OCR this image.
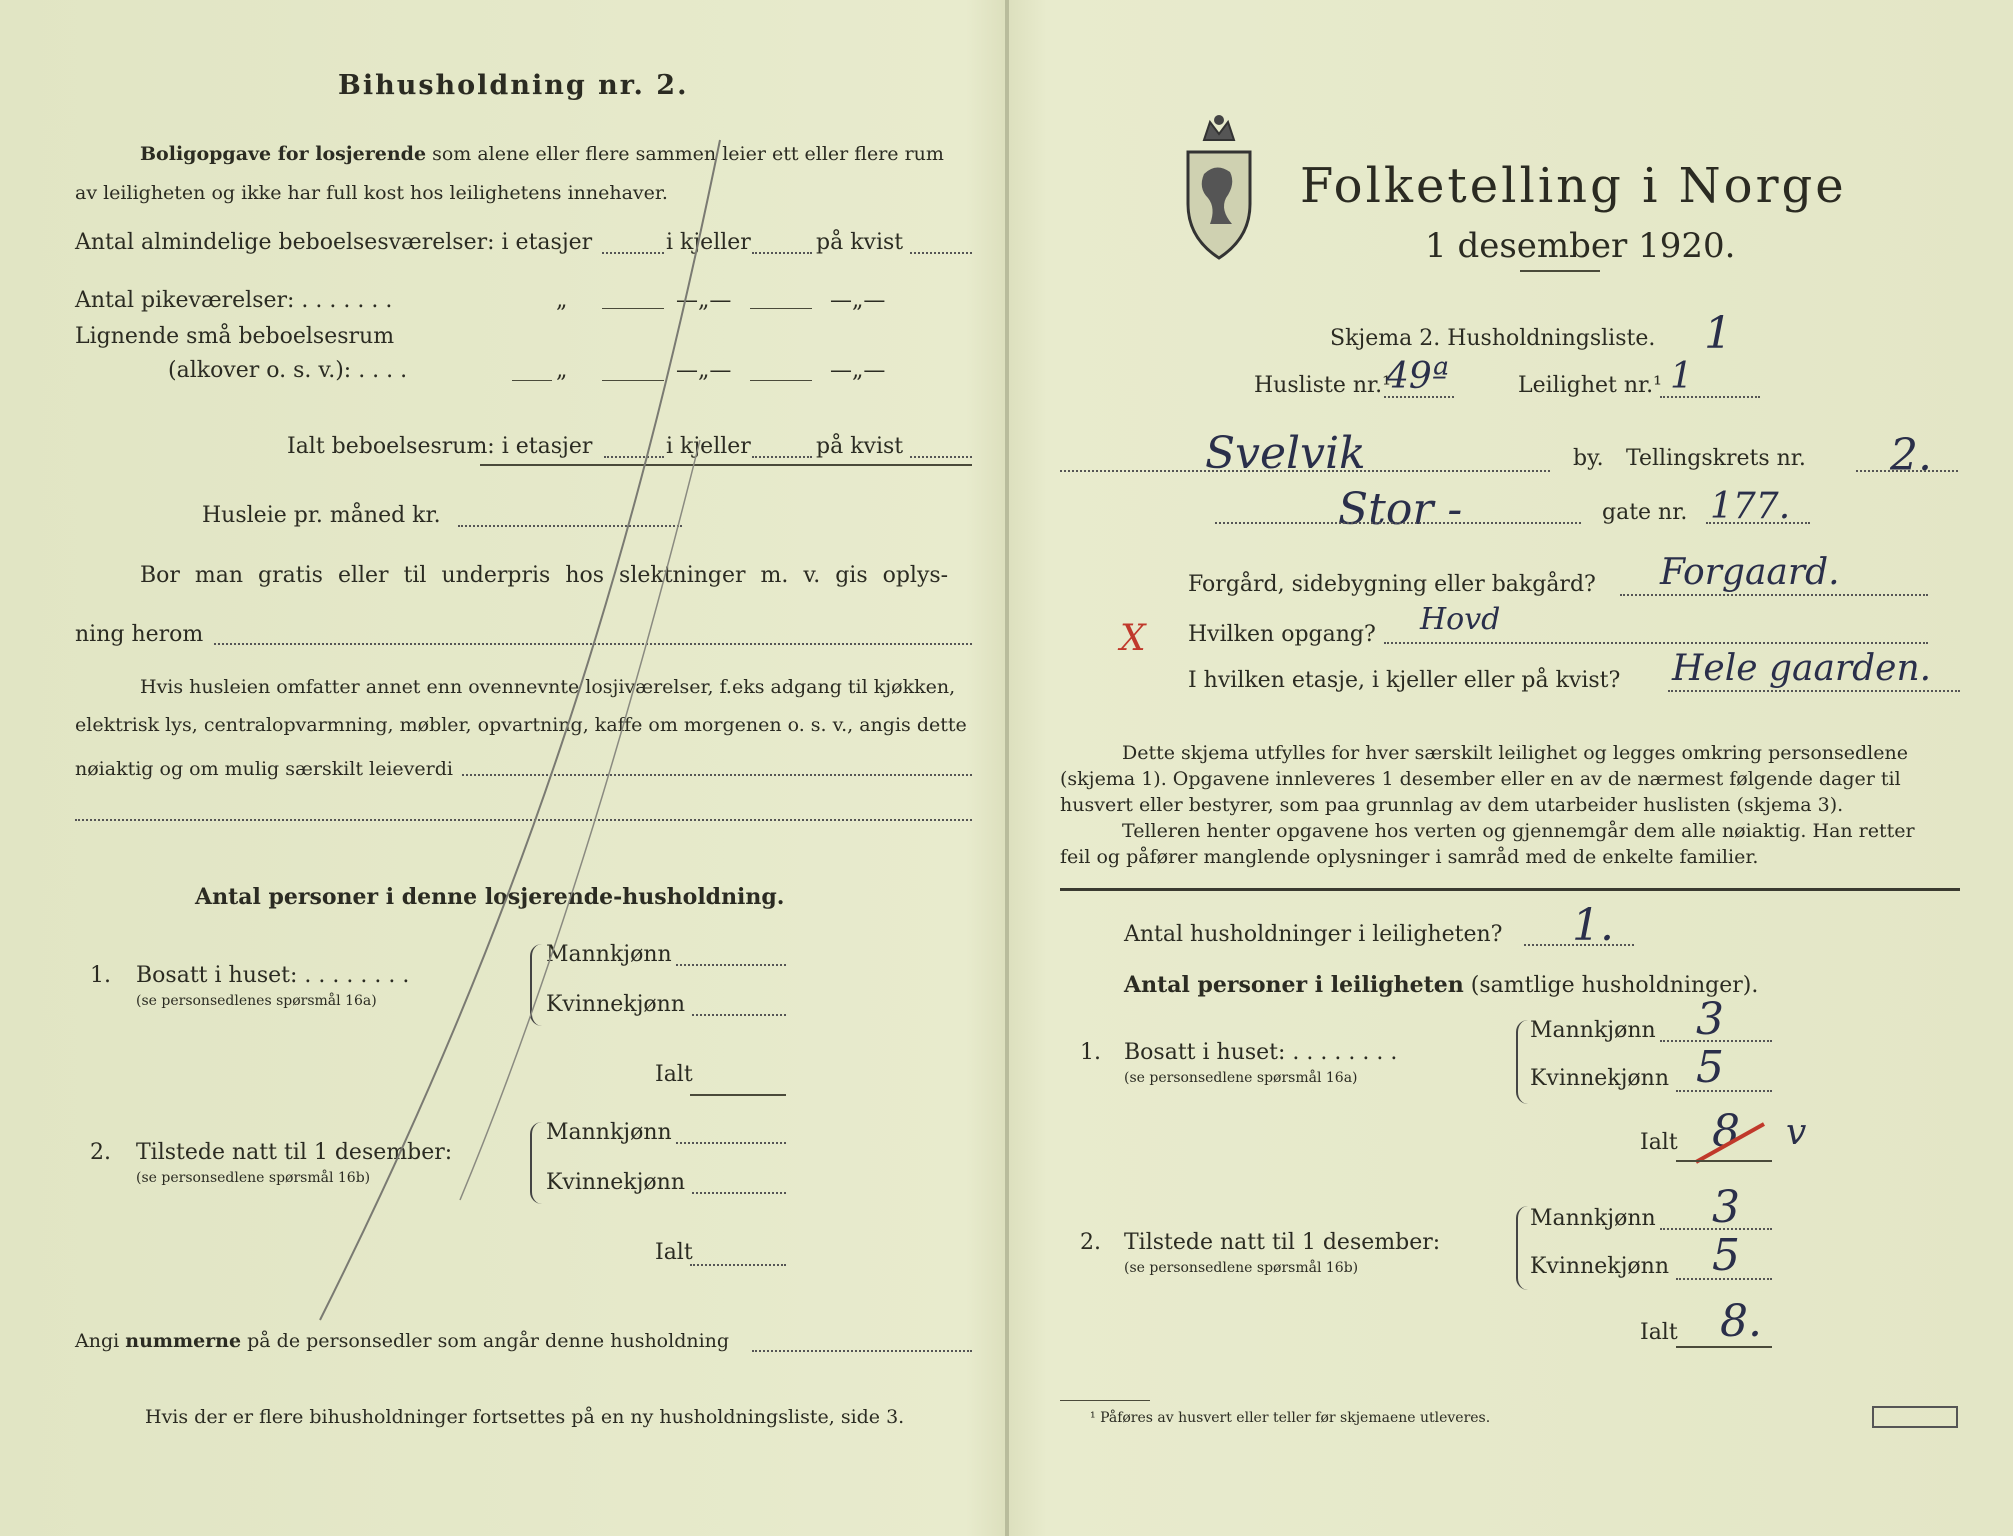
Bihusholdning nr. 2.
Boligopgave for losjerende som alene eller flere sammen leier ett eller flere rum
av leiligheten og ikke har full kost hos leilighetens innehaver.
Antal almindelige beboelsesværelser: i etasjer	i kjeller	på kvist
Antal pikeværelser: . . . . . . .	„	—„—	—„—
Lignende små beboelsesrum
(alkover o. s. v.): . . . .	„	—„—	—„—
Ialt beboelsesrum: i etasjer	i kjeller	på kvist
Husleie pr. måned kr.
Bor man gratis eller til underpris hos slektninger m. v. gis oplys-
ning herom
Hvis husleien omfatter annet enn ovennevnte losjiværelser, f.eks adgang til kjøkken,
elektrisk lys, centralopvarmning, møbler, opvartning, kaffe om morgenen o. s. v., angis dette
nøiaktig og om mulig særskilt leieverdi
Antal personer i denne losjerende-husholdning.
1. Bosatt i huset: . . . . . . . .
(se personsedlenes spørsmål 16a)
Mannkjønn
Kvinnekjønn
Ialt
2. Tilstede natt til 1 desember:
(se personsedlene spørsmål 16b)
Mannkjønn
Kvinnekjønn
Ialt
Angi nummerne på de personsedler som angår denne husholdning
Hvis der er flere bihusholdninger fortsettes på en ny husholdningsliste, side 3.
Folketelling i Norge
1 desember 1920.
Skjema 2. Husholdningsliste. 1
Husliste nr.¹
49ª	Leilighet nr.¹ 1
Svelvik	by. Tellingskrets nr. 2.
Stor -	gate nr. 177.
Forgård, sidebygning eller bakgård? Forgaard.
X Hvilken opgang? Hovd
I hvilken etasje, i kjeller eller på kvist? Hele gaarden.
Dette skjema utfylles for hver særskilt leilighet og legges omkring personsedlene
(skjema 1). Opgavene innleveres 1 desember eller en av de nærmest følgende dager til
husvert eller bestyrer, som paa grunnlag av dem utarbeider huslisten (skjema 3).
Telleren henter opgavene hos verten og gjennemgår dem alle nøiaktig. Han retter
feil og påfører manglende oplysninger i samråd med de enkelte familier.
Antal husholdninger i leiligheten? 1.
Antal personer i leiligheten (samtlige husholdninger).
1. Bosatt i huset: . . . . . . . .
(se personsedlene spørsmål 16a)
Mannkjønn 3
Kvinnekjønn 5
Ialt 8 v
2. Tilstede natt til 1 desember:
(se personsedlene spørsmål 16b)
Mannkjønn 3
Kvinnekjønn 5
Ialt 8.
¹ Påføres av husvert eller teller før skjemaene utleveres.
